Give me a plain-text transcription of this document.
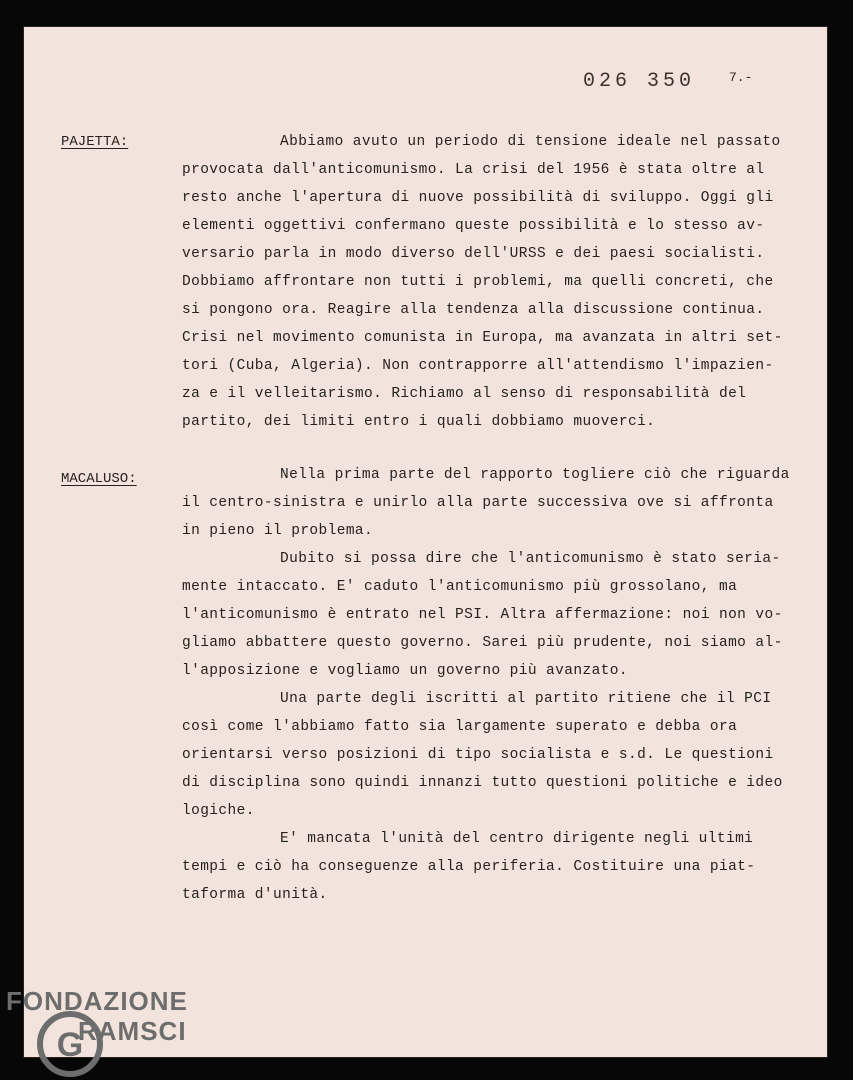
026 350	7.-
PAJETTA:	Abbiamo avuto un periodo di tensione ideale nel passato
provocata dall'anticomunismo. La crisi del 1956 è stata oltre al
resto anche l'apertura di nuove possibilità di sviluppo. Oggi gli
elementi oggettivi confermano queste possibilità e lo stesso av-
versario parla in modo diverso dell'URSS e dei paesi socialisti.
Dobbiamo affrontare non tutti i problemi, ma quelli concreti, che
si pongono ora. Reagire alla tendenza alla discussione continua.
Crisi nel movimento comunista in Europa, ma avanzata in altri set-
tori (Cuba, Algeria). Non contrapporre all'attendismo l'impazien-
za e il velleitarismo. Richiamo al senso di responsabilità del
partito, dei limiti entro i quali dobbiamo muoverci.
MACALUSO:	Nella prima parte del rapporto togliere ciò che riguarda
il centro-sinistra e unirlo alla parte successiva ove si affronta
in pieno il problema.
Dubito si possa dire che l'anticomunismo è stato seria-
mente intaccato. E' caduto l'anticomunismo più grossolano, ma
l'anticomunismo è entrato nel PSI. Altra affermazione: noi non vo-
gliamo abbattere questo governo. Sarei più prudente, noi siamo al-
l'apposizione e vogliamo un governo più avanzato.
Una parte degli iscritti al partito ritiene che il PCI
così come l'abbiamo fatto sia largamente superato e debba ora
orientarsi verso posizioni di tipo socialista e s.d. Le questioni
di disciplina sono quindi innanzi tutto questioni politiche e ideo
logiche.
E' mancata l'unità del centro dirigente negli ultimi
tempi e ciò ha conseguenze alla periferia. Costituire una piat-
taforma d'unità.
FONDAZIONE
RAMSCI
G
